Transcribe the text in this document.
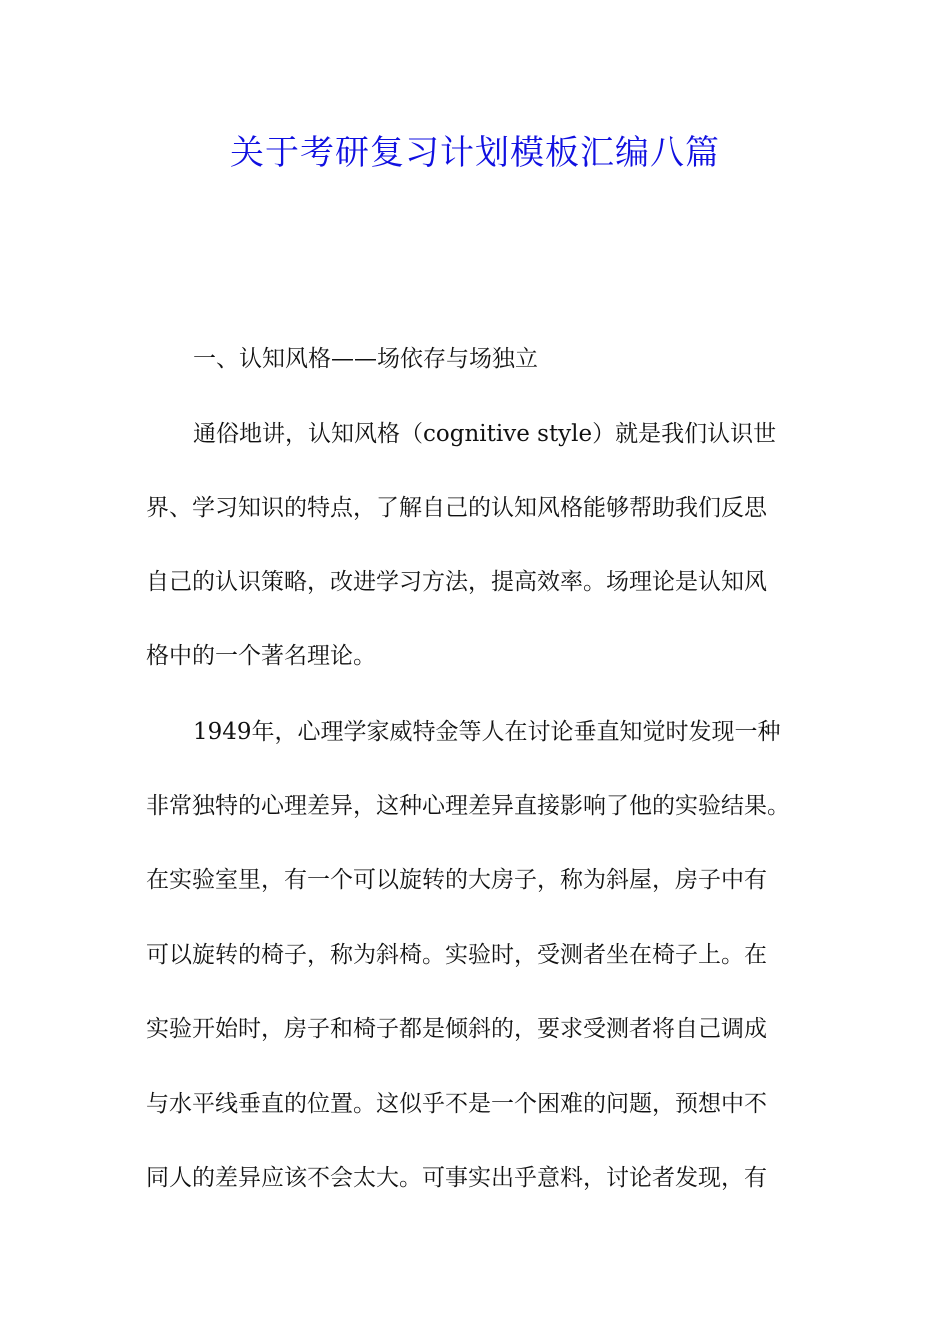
关于考研复习计划模板汇编八篇

一、认知风格——场依存与场独立

通俗地讲，认知风格（cognitive style）就是我们认识世

界、学习知识的特点，了解自己的认知风格能够帮助我们反思

自己的认识策略，改进学习方法，提高效率。场理论是认知风

格中的一个著名理论。

1949年，心理学家威特金等人在讨论垂直知觉时发现一种

非常独特的心理差异，这种心理差异直接影响了他的实验结果。

在实验室里，有一个可以旋转的大房子，称为斜屋，房子中有

可以旋转的椅子，称为斜椅。实验时，受测者坐在椅子上。在

实验开始时，房子和椅子都是倾斜的，要求受测者将自己调成

与水平线垂直的位置。这似乎不是一个困难的问题，预想中不

同人的差异应该不会太大。可事实出乎意料，讨论者发现，有
